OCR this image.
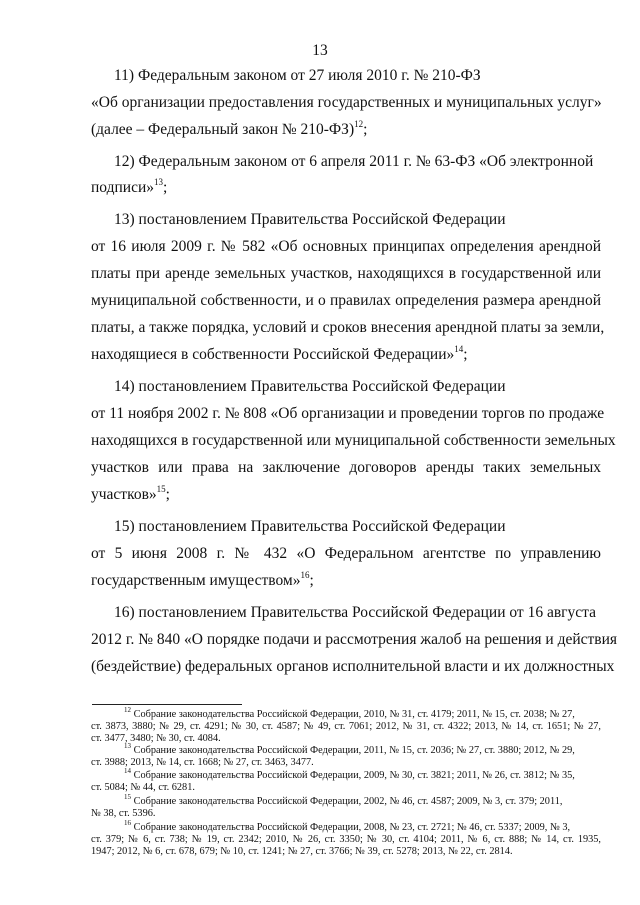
13
11) Федеральным законом от 27 июля 2010 г. № 210-ФЗ
«Об организации предоставления государственных и муниципальных услуг»
(далее – Федеральный закон № 210-ФЗ)$^{12}$;
12) Федеральным законом от 6 апреля 2011 г. № 63-ФЗ «Об электронной
подписи»$^{13}$;
13) постановлением Правительства Российской Федерации
от 16 июля 2009 г. № 582 «Об основных принципах определения арендной
платы при аренде земельных участков, находящихся в государственной или
муниципальной собственности, и о правилах определения размера арендной
платы, а также порядка, условий и сроков внесения арендной платы за земли,
находящиеся в собственности Российской Федерации»$^{14}$;
14) постановлением Правительства Российской Федерации
от 11 ноября 2002 г. № 808 «Об организации и проведении торгов по продаже
находящихся в государственной или муниципальной собственности земельных
участков или права на заключение договоров аренды таких земельных
участков»$^{15}$;
15) постановлением Правительства Российской Федерации
от 5 июня 2008 г. № 432 «О Федеральном агентстве по управлению
государственным имуществом»$^{16}$;
16) постановлением Правительства Российской Федерации от 16 августа
2012 г. № 840 «О порядке подачи и рассмотрения жалоб на решения и действия
(бездействие) федеральных органов исполнительной власти и их должностных
$^{12}$ Собрание законодательства Российской Федерации, 2010, № 31, ст. 4179; 2011, № 15, ст. 2038; № 27,
ст. 3873, 3880; № 29, ст. 4291; № 30, ст. 4587; № 49, ст. 7061; 2012, № 31, ст. 4322; 2013, № 14, ст. 1651; № 27,
ст. 3477, 3480; № 30, ст. 4084.
$^{13}$ Собрание законодательства Российской Федерации, 2011, № 15, ст. 2036; № 27, ст. 3880; 2012, № 29,
ст. 3988; 2013, № 14, ст. 1668; № 27, ст. 3463, 3477.
$^{14}$ Собрание законодательства Российской Федерации, 2009, № 30, ст. 3821; 2011, № 26, ст. 3812; № 35,
ст. 5084; № 44, ст. 6281.
$^{15}$ Собрание законодательства Российской Федерации, 2002, № 46, ст. 4587; 2009, № 3, ст. 379; 2011,
№ 38, ст. 5396.
$^{16}$ Собрание законодательства Российской Федерации, 2008, № 23, ст. 2721; № 46, ст. 5337; 2009, № 3,
ст. 379; № 6, ст. 738; № 19, ст. 2342; 2010, № 26, ст. 3350; № 30, ст. 4104; 2011, № 6, ст. 888; № 14, ст. 1935,
1947; 2012, № 6, ст. 678, 679; № 10, ст. 1241; № 27, ст. 3766; № 39, ст. 5278; 2013, № 22, ст. 2814.
